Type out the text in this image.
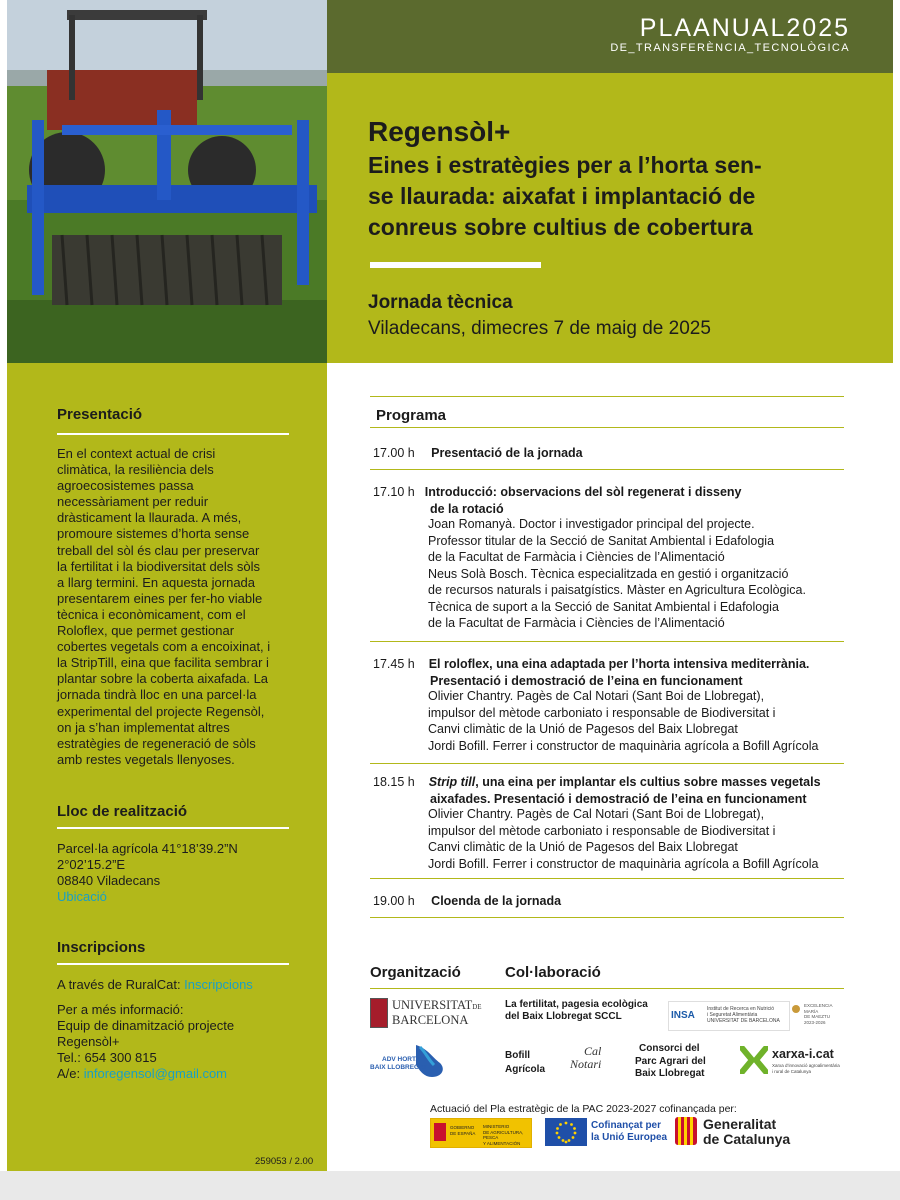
PLAANUAL2025
DE_TRANSFERÈNCIA_TECNOLÒGICA
Regensòl+
Eines i estratègies per a l’horta sen-
se llaurada: aixafat i implantació de
conreus sobre cultius de cobertura
Jornada tècnica
Viladecans, dimecres 7 de maig de 2025
Presentació
En el context actual de crisi
climàtica, la resiliència dels
agroecosistemes passa
necessàriament per reduir
dràsticament la llaurada. A més,
promoure sistemes d’horta sense
treball del sòl és clau per preservar
la fertilitat i la biodiversitat dels sòls
a llarg termini. En aquesta jornada
presentarem eines per fer-ho viable
tècnica i econòmicament, com el
Roloflex, que permet gestionar
cobertes vegetals com a encoixinat, i
la StripTill, eina que facilita sembrar i
plantar sobre la coberta aixafada. La
jornada tindrà lloc en una parcel·la
experimental del projecte Regensòl,
on ja s’han implementat altres
estratègies de regeneració de sòls
amb restes vegetals llenyoses.
Lloc de realització
Parcel·la agrícola 41°18’39.2”N
2°02’15.2”E
08840 Viladecans
Ubicació
Inscripcions
A través de RuralCat: Inscripcions
Per a més informació:
Equip de dinamització projecte
Regensòl+
Tel.: 654 300 815
A/e: inforegensol@gmail.com
259053 / 2.00
Programa
17.00 h Presentació de la jornada
17.10 h Introducció: observacions del sòl regenerat i disseny
de la rotació
Joan Romanyà. Doctor i investigador principal del projecte.
Professor titular de la Secció de Sanitat Ambiental i Edafologia
de la Facultat de Farmàcia i Ciències de l’Alimentació
Neus Solà Bosch. Tècnica especialitzada en gestió i organització
de recursos naturals i paisatgístics. Màster en Agricultura Ecològica.
Tècnica de suport a la Secció de Sanitat Ambiental i Edafologia
de la Facultat de Farmàcia i Ciències de l’Alimentació
17.45 h El roloflex, una eina adaptada per l’horta intensiva mediterrània.
Presentació i demostració de l’eina en funcionament
Olivier Chantry. Pagès de Cal Notari (Sant Boi de Llobregat),
impulsor del mètode carboniato i responsable de Biodiversitat i
Canvi climàtic de la Unió de Pagesos del Baix Llobregat
Jordi Bofill. Ferrer i constructor de maquinària agrícola a Bofill Agrícola
18.15 h Strip till, una eina per implantar els cultius sobre masses vegetals
aixafades. Presentació i demostració de l’eina en funcionament
Olivier Chantry. Pagès de Cal Notari (Sant Boi de Llobregat),
impulsor del mètode carboniato i responsable de Biodiversitat i
Canvi climàtic de la Unió de Pagesos del Baix Llobregat
Jordi Bofill. Ferrer i constructor de maquinària agrícola a Bofill Agrícola
19.00 h Cloenda de la jornada
Organització	Col·laboració
UNIVERSITATDE
BARCELONA
ADV HORTA
BAIX LLOBREGAT
La fertilitat, pagesia ecològica
del Baix Llobregat SCCL	INSA
Institut de Recerca en Nutrició
i Seguretat Alimentària
UNIVERSITAT DE BARCELONA
EXCELENCIA
MARÍA
DE MAEZTU
2023-2026
Bofill
Agrícola
Cal
Notari
Consorci del
Parc Agrari del
Baix Llobregat
xarxa-i.cat
Xarxa d’innovació agroalimentària
i rural de Catalunya
Actuació del Pla estratègic de la PAC 2023-2027 cofinançada per:
GOBIERNO
DE ESPAÑA
MINISTERIO
DE AGRICULTURA, PESCA
Y ALIMENTACIÓN
Cofinançat per
la Unió Europea
Generalitat
de Catalunya
